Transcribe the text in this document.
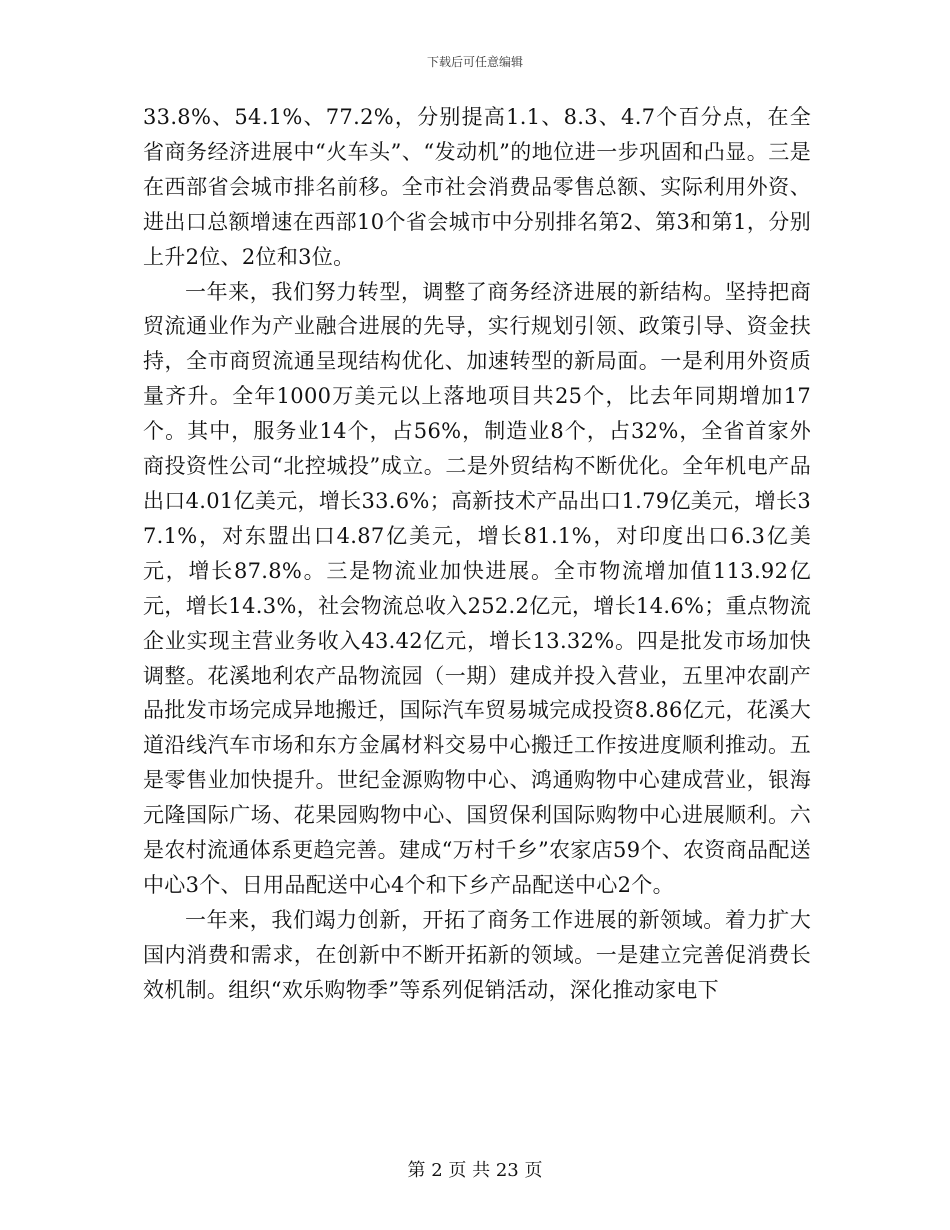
下载后可任意编辑

33.8%、54.1%、77.2%，分别提高1.1、8.3、4.7个百分点，在全省商务经济进展中“火车头”、“发动机”的地位进一步巩固和凸显。三是在西部省会城市排名前移。全市社会消费品零售总额、实际利用外资、进出口总额增速在西部10个省会城市中分别排名第2、第3和第1，分别上升2位、2位和3位。

一年来，我们努力转型，调整了商务经济进展的新结构。坚持把商贸流通业作为产业融合进展的先导，实行规划引领、政策引导、资金扶持，全市商贸流通呈现结构优化、加速转型的新局面。一是利用外资质量齐升。全年1000万美元以上落地项目共25个，比去年同期增加17个。其中，服务业14个，占56%，制造业8个，占32%，全省首家外商投资性公司“北控城投”成立。二是外贸结构不断优化。全年机电产品出口4.01亿美元，增长33.6%；高新技术产品出口1.79亿美元，增长37.1%，对东盟出口4.87亿美元，增长81.1%，对印度出口6.3亿美元，增长87.8%。三是物流业加快进展。全市物流增加值113.92亿元，增长14.3%，社会物流总收入252.2亿元，增长14.6%；重点物流企业实现主营业务收入43.42亿元，增长13.32%。四是批发市场加快调整。花溪地利农产品物流园（一期）建成并投入营业，五里冲农副产品批发市场完成异地搬迁，国际汽车贸易城完成投资8.86亿元，花溪大道沿线汽车市场和东方金属材料交易中心搬迁工作按进度顺利推动。五是零售业加快提升。世纪金源购物中心、鸿通购物中心建成营业，银海元隆国际广场、花果园购物中心、国贸保利国际购物中心进展顺利。六是农村流通体系更趋完善。建成“万村千乡”农家店59个、农资商品配送中心3个、日用品配送中心4个和下乡产品配送中心2个。

一年来，我们竭力创新，开拓了商务工作进展的新领域。着力扩大国内消费和需求，在创新中不断开拓新的领域。一是建立完善促消费长效机制。组织“欢乐购物季”等系列促销活动，深化推动家电下

第 2 页 共 23 页
